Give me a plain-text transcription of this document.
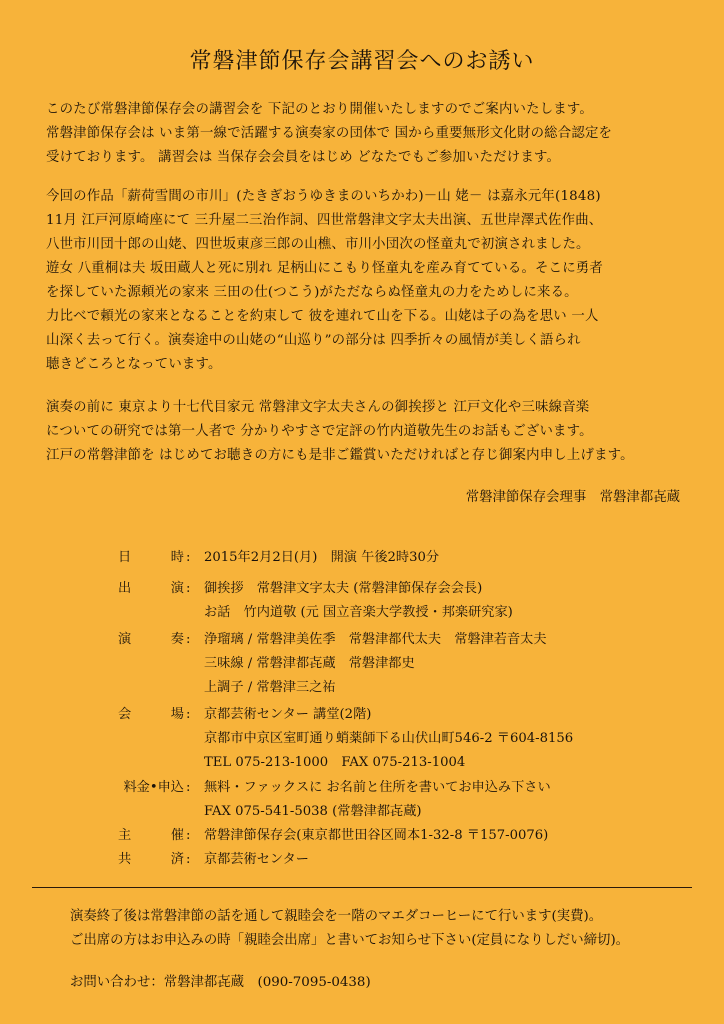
常磐津節保存会講習会へのお誘い
このたび常磐津節保存会の講習会を 下記のとおり開催いたしますのでご案内いたします。
常磐津節保存会は いま第一線で活躍する演奏家の団体で 国から重要無形文化財の総合認定を
受けております。 講習会は 当保存会会員をはじめ どなたでもご参加いただけます。
今回の作品「薪荷雪間の市川」(たきぎおうゆきまのいちかわ)－山 姥－ は嘉永元年(1848)
11月 江戸河原崎座にて 三升屋二三治作詞、四世常磐津文字太夫出演、五世岸澤式佐作曲、
八世市川団十郎の山姥、四世坂東彦三郎の山樵、市川小団次の怪童丸で初演されました。
遊女 八重桐は夫 坂田蔵人と死に別れ 足柄山にこもり怪童丸を産み育てている。そこに勇者
を探していた源頼光の家来 三田の仕(つこう)がただならぬ怪童丸の力をためしに来る。
力比べで頼光の家来となることを約束して 彼を連れて山を下る。山姥は子の為を思い 一人
山深く去って行く。演奏途中の山姥の“山巡り”の部分は 四季折々の風情が美しく語られ
聴きどころとなっています。
演奏の前に 東京より十七代目家元 常磐津文字太夫さんの御挨拶と 江戸文化や三味線音楽
についての研究では第一人者で 分かりやすさで定評の竹内道敬先生のお話もございます。
江戸の常磐津節を はじめてお聴きの方にも是非ご鑑賞いただければと存じ御案内申し上げます。
常磐津節保存会理事　常磐津都㐂蔵
日時 : 2015年2月2日(月)　開演 午後2時30分
出演 : 御挨拶　常磐津文字太夫 (常磐津節保存会会長)
お話　竹内道敬 (元 国立音楽大学教授・邦楽研究家)
演奏 : 浄瑠璃 / 常磐津美佐季　常磐津都代太夫　常磐津若音太夫
三味線 / 常磐津都㐂蔵　常磐津都史
上調子 / 常磐津三之祐
会場 : 京都芸術センター 講堂(2階)
京都市中京区室町通り蛸薬師下る山伏山町546-2 〒604-8156
TEL 075-213-1000　FAX 075-213-1004
料金•申込 : 無料・ファックスに お名前と住所を書いてお申込み下さい
FAX 075-541-5038 (常磐津都㐂蔵)
主催 : 常磐津節保存会(東京都世田谷区岡本1-32-8 〒157-0076)
共済 : 京都芸術センター
演奏終了後は常磐津節の話を通して親睦会を一階のマエダコーヒーにて行います(実費)。
ご出席の方はお申込みの時「親睦会出席」と書いてお知らせ下さい(定員になりしだい締切)。
お問い合わせ：常磐津都㐂蔵　(090-7095-0438)
